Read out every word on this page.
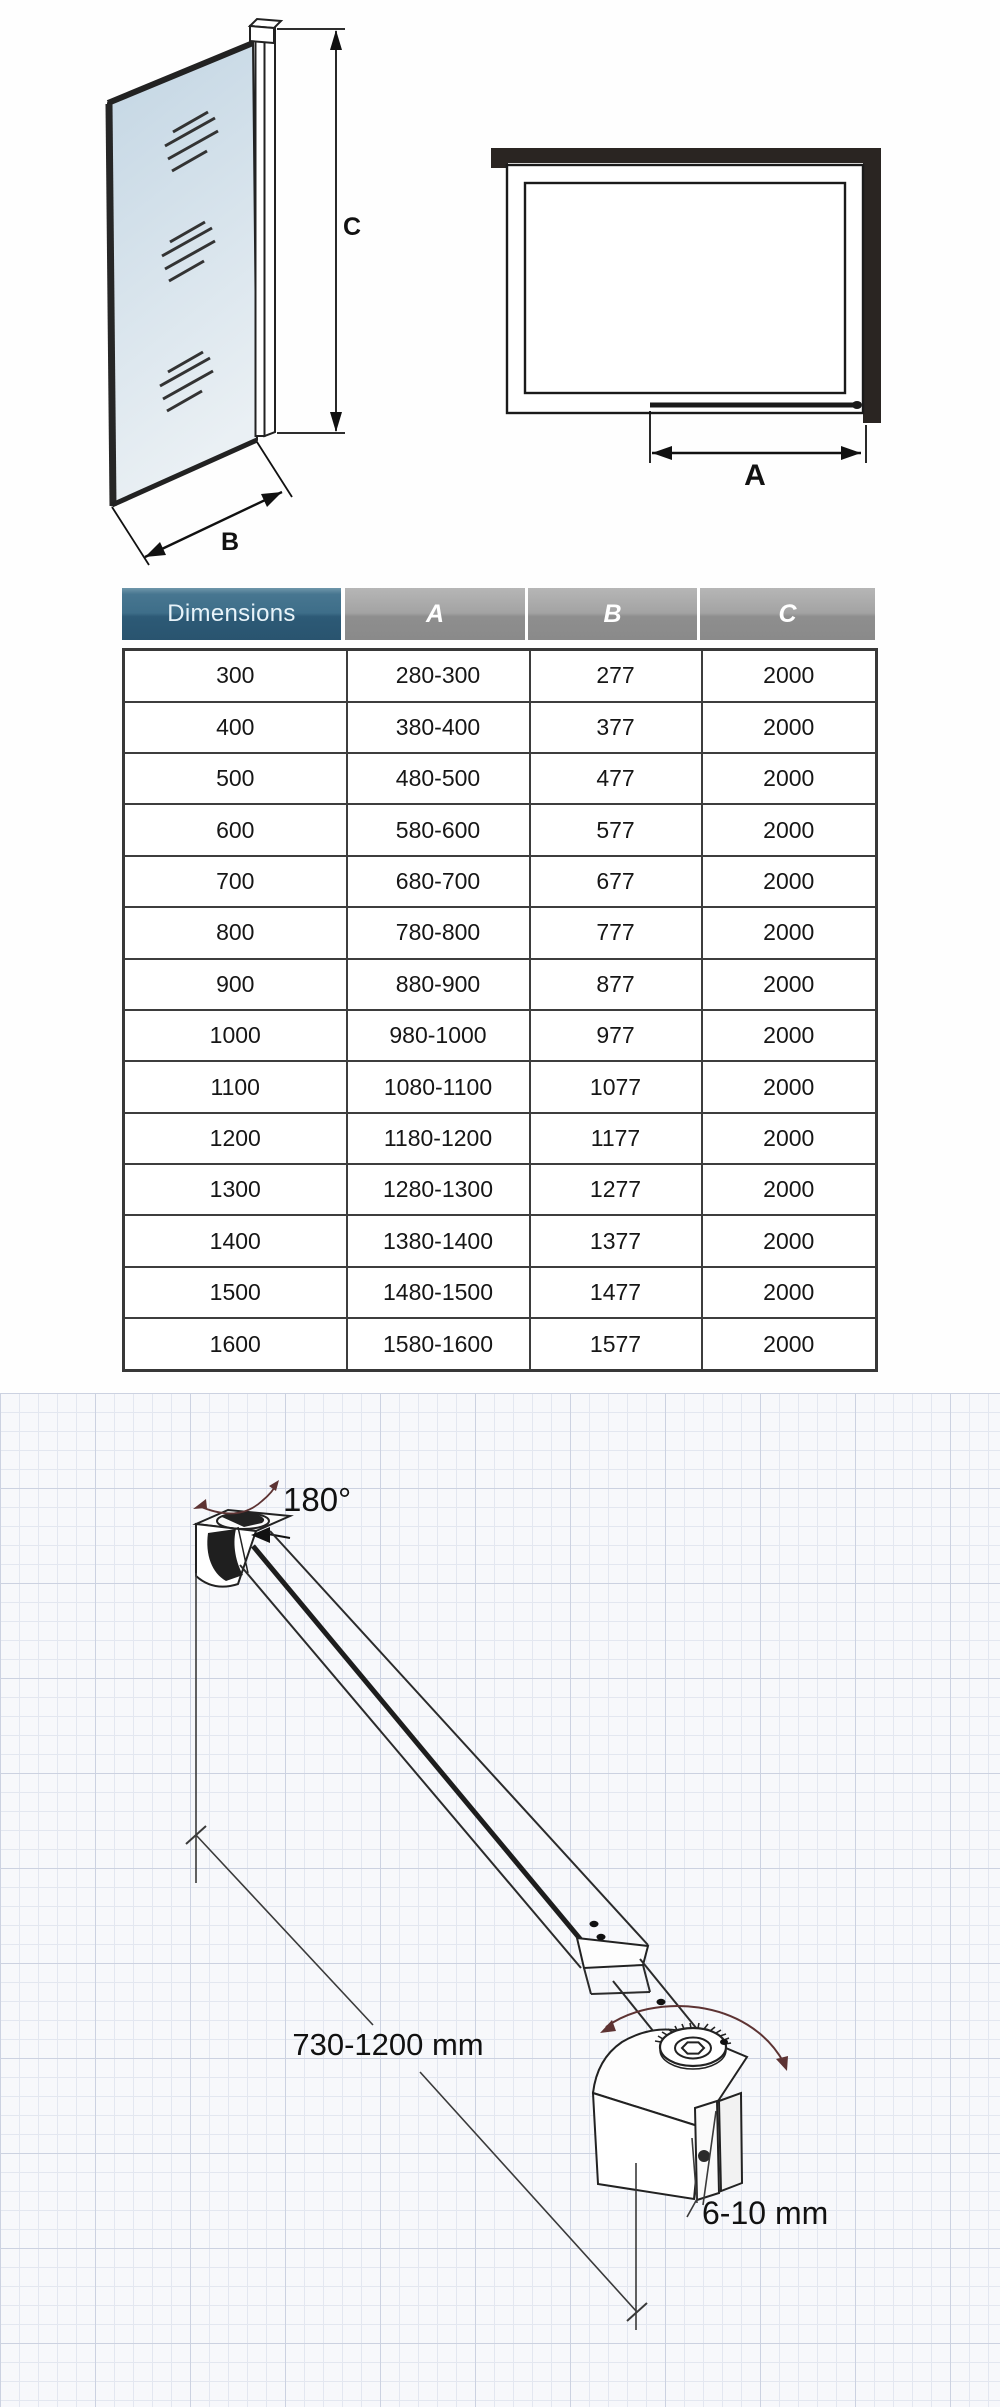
C
B
A
Dimensions	A	B	C
300	280-300	277	2000
400	380-400	377	2000
500	480-500	477	2000
600	580-600	577	2000
700	680-700	677	2000
800	780-800	777	2000
900	880-900	877	2000
1000	980-1000	977	2000
1100	1080-1100	1077	2000
1200	1180-1200	1177	2000
1300	1280-1300	1277	2000
1400	1380-1400	1377	2000
1500	1480-1500	1477	2000
1600	1580-1600	1577	2000
180°
730-1200 mm
6-10 mm
